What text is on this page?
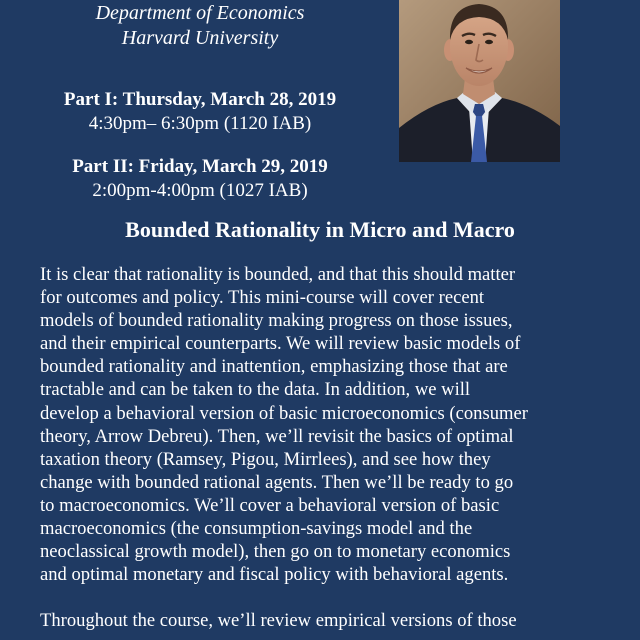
Department of Economics
Harvard University

Part I: Thursday, March 28, 2019
4:30pm– 6:30pm (1120 IAB)
Part II: Friday, March 29, 2019
2:00pm-4:00pm (1027 IAB)
Bounded Rationality in Micro and Macro
It is clear that rationality is bounded, and that this should matter
for outcomes and policy. This mini-course will cover recent
models of bounded rationality making progress on those issues,
and their empirical counterparts. We will review basic models of
bounded rationality and inattention, emphasizing those that are
tractable and can be taken to the data. In addition, we will
develop a behavioral version of basic microeconomics (consumer
theory, Arrow Debreu). Then, we’ll revisit the basics of optimal
taxation theory (Ramsey, Pigou, Mirrlees), and see how they
change with bounded rational agents. Then we’ll be ready to go
to macroeconomics. We’ll cover a behavioral version of basic
macroeconomics (the consumption-savings model and the
neoclassical growth model), then go on to monetary economics
and optimal monetary and fiscal policy with behavioral agents.
Throughout the course, we’ll review empirical versions of those
